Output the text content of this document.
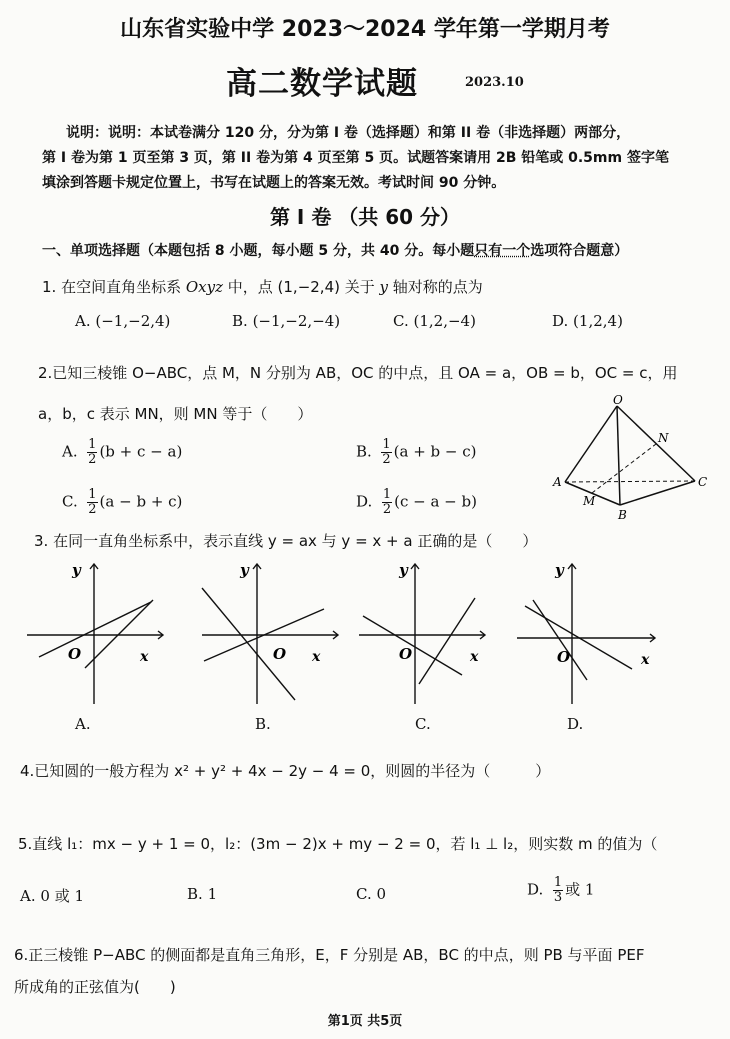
山东省实验中学 2023～2024 学年第一学期月考
高二数学试题	2023.10
说明：说明：本试卷满分 120 分，分为第 I 卷（选择题）和第 II 卷（非选择题）两部分，
第 I 卷为第 1 页至第 3 页，第 II 卷为第 4 页至第 5 页。试题答案请用 2B 铅笔或 0.5mm 签字笔
填涂到答题卡规定位置上，书写在试题上的答案无效。考试时间 90 分钟。
第 I 卷 （共 60 分）
一、单项选择题（本题包括 8 小题，每小题 5 分，共 40 分。每小题只有一个选项符合题意）
1. 在空间直角坐标系 Oxyz 中，点 (1,−2,4) 关于 y 轴对称的点为
A. (−1,−2,4)	B. (−1,−2,−4)	C. (1,2,−4)	D. (1,2,4)
2.已知三棱锥 O−ABC，点 M，N 分别为 AB，OC 的中点，且 OA = a，OB = b，OC = c，用
a，b，c 表示 MN，则 MN 等于（　　）
A. $\frac{1}{2} (b + c - a)$	B. $\frac{1}{2} (a + b - c)$
C. $\frac{1}{2} (a - b + c)$	D. $\frac{1}{2} (c - a - b)$
O
N
A
M
B
C
3. 在同一直角坐标系中，表示直线 y = ax 与 y = x + a 正确的是（　　）
y
x
O
A.
y
x
O
B.
y
x
O
C.
y
x
O
D.
4.已知圆的一般方程为 x² + y² + 4x − 2y − 4 = 0，则圆的半径为（　　　）
5.直线 l₁：mx − y + 1 = 0，l₂：(3m − 2)x + my − 2 = 0，若 l₁ ⊥ l₂，则实数 m 的值为（
A. 0 或 1	B. 1	C. 0	D. $\frac{1}{3}$ 或 1
6.正三棱锥 P−ABC 的侧面都是直角三角形，E，F 分别是 AB，BC 的中点，则 PB 与平面 PEF
所成角的正弦值为(　　)
第1页 共5页
